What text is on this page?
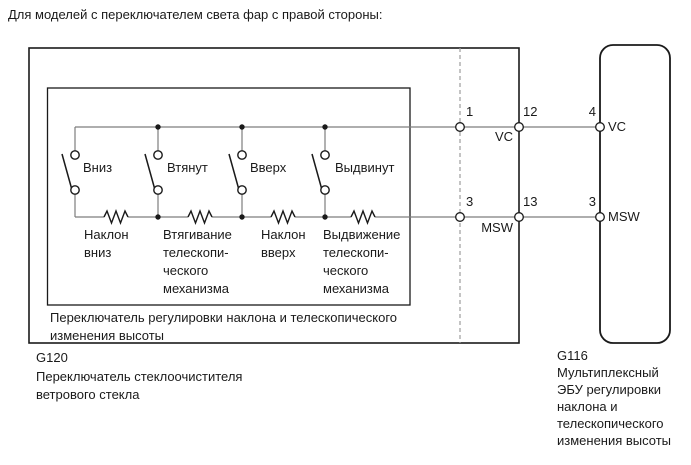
Для моделей с переключателем света фар с правой стороны:
Вниз	Втянут	Вверх	Выдвинут
Наклон
вниз
Втягивание
телескопи-
ческого
механизма
Наклон
вверх
Выдвижение
телескопи-
ческого
механизма
Переключатель регулировки наклона и телескопического
изменения высоты
G120
Переключатель стеклоочистителя
ветрового стекла
G116
Мультиплексный
ЭБУ регулировки
наклона и
телескопического
изменения высоты
1	12	4
VC
VC
3	13	3
MSW
MSW
